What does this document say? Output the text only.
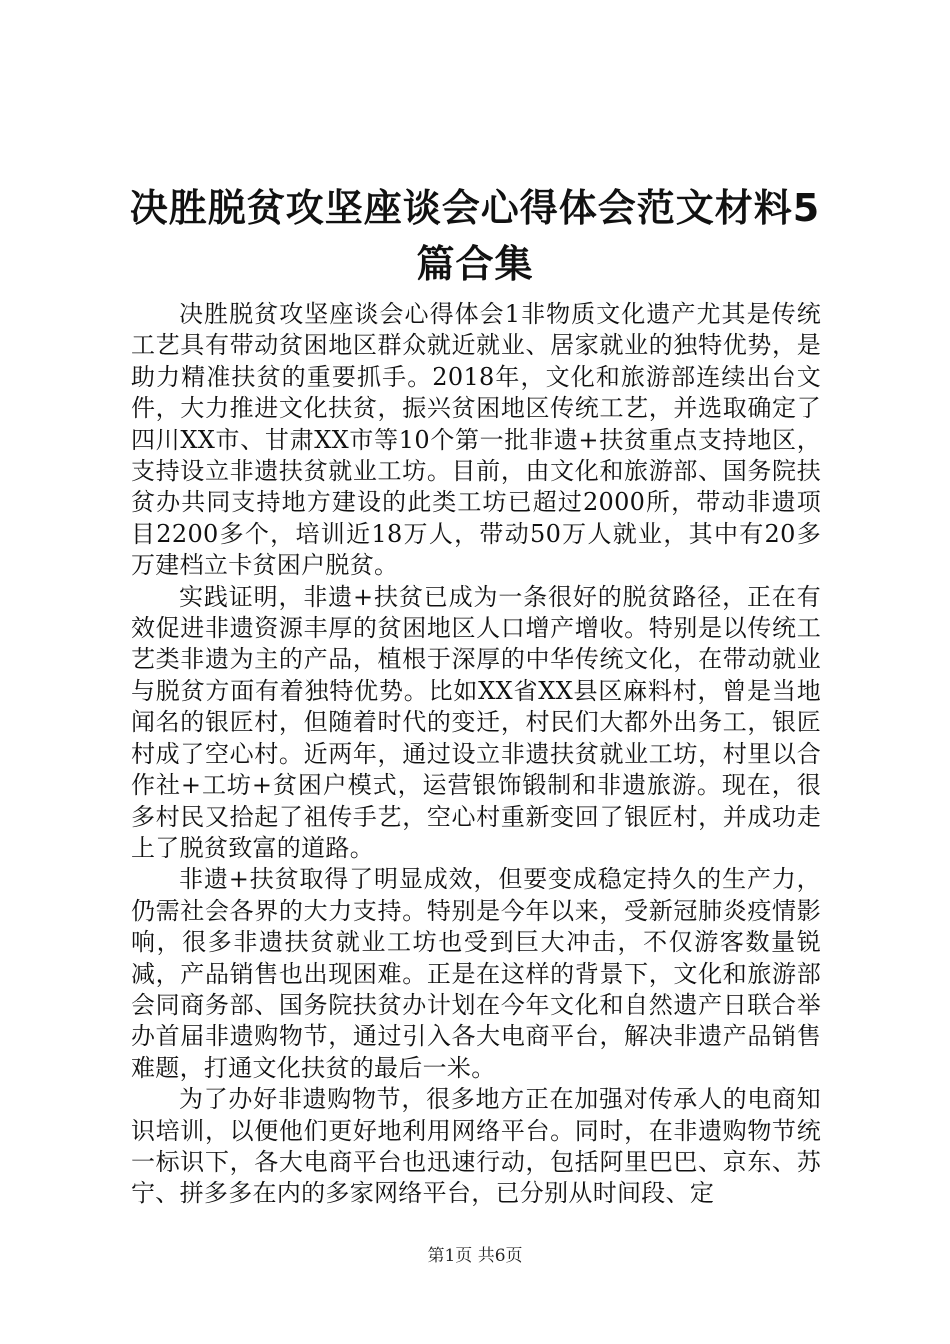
决胜脱贫攻坚座谈会心得体会范文材料5篇合集

决胜脱贫攻坚座谈会心得体会1非物质文化遗产尤其是传统工艺具有带动贫困地区群众就近就业、居家就业的独特优势，是助力精准扶贫的重要抓手。2018年，文化和旅游部连续出台文件，大力推进文化扶贫，振兴贫困地区传统工艺，并选取确定了四川XX市、甘肃XX市等10个第一批非遗+扶贫重点支持地区，支持设立非遗扶贫就业工坊。目前，由文化和旅游部、国务院扶贫办共同支持地方建设的此类工坊已超过2000所，带动非遗项目2200多个，培训近18万人，带动50万人就业，其中有20多万建档立卡贫困户脱贫。

实践证明，非遗+扶贫已成为一条很好的脱贫路径，正在有效促进非遗资源丰厚的贫困地区人口增产增收。特别是以传统工艺类非遗为主的产品，植根于深厚的中华传统文化，在带动就业与脱贫方面有着独特优势。比如XX省XX县区麻料村，曾是当地闻名的银匠村，但随着时代的变迁，村民们大都外出务工，银匠村成了空心村。近两年，通过设立非遗扶贫就业工坊，村里以合作社+工坊+贫困户模式，运营银饰锻制和非遗旅游。现在，很多村民又拾起了祖传手艺，空心村重新变回了银匠村，并成功走上了脱贫致富的道路。

非遗+扶贫取得了明显成效，但要变成稳定持久的生产力，仍需社会各界的大力支持。特别是今年以来，受新冠肺炎疫情影响，很多非遗扶贫就业工坊也受到巨大冲击，不仅游客数量锐减，产品销售也出现困难。正是在这样的背景下，文化和旅游部会同商务部、国务院扶贫办计划在今年文化和自然遗产日联合举办首届非遗购物节，通过引入各大电商平台，解决非遗产品销售难题，打通文化扶贫的最后一米。

为了办好非遗购物节，很多地方正在加强对传承人的电商知识培训，以便他们更好地利用网络平台。同时，在非遗购物节统一标识下，各大电商平台也迅速行动，包括阿里巴巴、京东、苏宁、拼多多在内的多家网络平台，已分别从时间段、定

第1页 共6页
